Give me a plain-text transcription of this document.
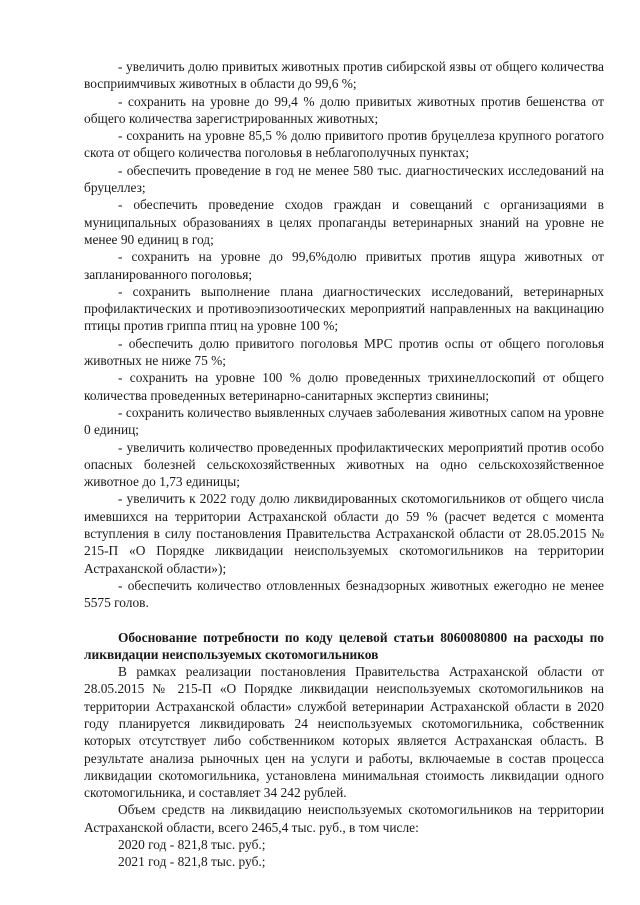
- увеличить долю привитых животных против сибирской язвы от общего количества восприимчивых животных в области до 99,6 %;

- сохранить на уровне до 99,4 % долю привитых животных против бешенства от общего количества зарегистрированных животных;

- сохранить на уровне 85,5 % долю привитого против бруцеллеза крупного рогатого скота от общего количества поголовья в неблагополучных пунктах;

- обеспечить проведение в год не менее 580 тыс. диагностических исследований на бруцеллез;

- обеспечить проведение сходов граждан и совещаний с организациями в муниципальных образованиях в целях пропаганды ветеринарных знаний на уровне не менее 90 единиц в год;

- сохранить на уровне до 99,6%долю привитых против ящура животных от запланированного поголовья;

- сохранить выполнение плана диагностических исследований, ветеринарных профилактических и противоэпизоотических мероприятий направленных на вакцинацию птицы против гриппа птиц на уровне 100 %;

- обеспечить долю привитого поголовья МРС против оспы от общего поголовья животных не ниже 75 %;

- сохранить на уровне 100 % долю проведенных трихинеллоскопий от общего количества проведенных ветеринарно-санитарных экспертиз свинины;

- сохранить количество выявленных случаев заболевания животных сапом на уровне 0 единиц;

- увеличить количество проведенных профилактических мероприятий против особо опасных болезней сельскохозяйственных животных на одно сельскохозяйственное животное до 1,73 единицы;

- увеличить к 2022 году долю ликвидированных скотомогильников от общего числа имевшихся на территории Астраханской области до 59 % (расчет ведется с момента вступления в силу постановления Правительства Астраханской области от 28.05.2015 № 215-П «О Порядке ликвидации неиспользуемых скотомогильников на территории Астраханской области»);

- обеспечить количество отловленных безнадзорных животных ежегодно не менее 5575 голов.

Обоснование потребности по коду целевой статьи 8060080800 на расходы по ликвидации неиспользуемых скотомогильников

В рамках реализации постановления Правительства Астраханской области от 28.05.2015 № 215-П «О Порядке ликвидации неиспользуемых скотомогильников на территории Астраханской области» службой ветеринарии Астраханской области в 2020 году планируется ликвидировать 24 неиспользуемых скотомогильника, собственник которых отсутствует либо собственником которых является Астраханская область. В результате анализа рыночных цен на услуги и работы, включаемые в состав процесса ликвидации скотомогильника, установлена минимальная стоимость ликвидации одного скотомогильника, и составляет 34 242 рублей.

Объем средств на ликвидацию неиспользуемых скотомогильников на территории Астраханской области, всего 2465,4 тыс. руб., в том числе:

2020 год - 821,8 тыс. руб.;

2021 год - 821,8 тыс. руб.;
